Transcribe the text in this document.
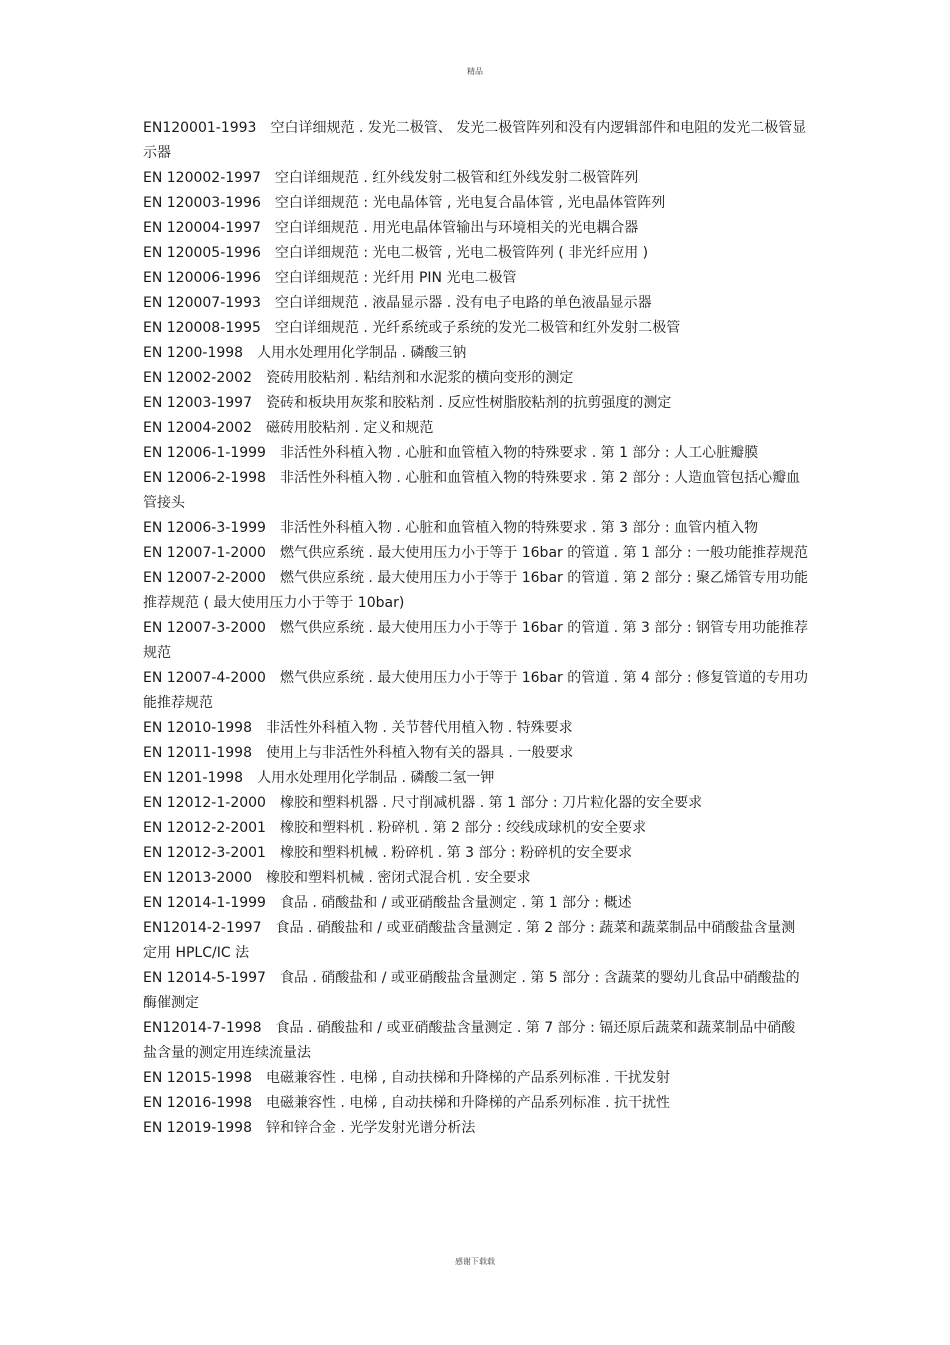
精品
EN120001-1993　空白详细规范 . 发光二极管、 发光二极管阵列和没有内逻辑部件和电阻的发光二极管显示器
EN 120002-1997　空白详细规范 . 红外线发射二极管和红外线发射二极管阵列
EN 120003-1996　空白详细规范 : 光电晶体管 , 光电复合晶体管 , 光电晶体管阵列
EN 120004-1997　空白详细规范 . 用光电晶体管输出与环境相关的光电耦合器
EN 120005-1996　空白详细规范 : 光电二极管 , 光电二极管阵列 ( 非光纤应用 )
EN 120006-1996　空白详细规范 : 光纤用 PIN 光电二极管
EN 120007-1993　空白详细规范 . 液晶显示器 . 没有电子电路的单色液晶显示器
EN 120008-1995　空白详细规范 . 光纤系统或子系统的发光二极管和红外发射二极管
EN 1200-1998　人用水处理用化学制品 . 磷酸三钠
EN 12002-2002　瓷砖用胶粘剂 . 粘结剂和水泥浆的横向变形的测定
EN 12003-1997　瓷砖和板块用灰浆和胶粘剂 . 反应性树脂胶粘剂的抗剪强度的测定
EN 12004-2002　磁砖用胶粘剂 . 定义和规范
EN 12006-1-1999　非活性外科植入物 . 心脏和血管植入物的特殊要求 . 第 1 部分 : 人工心脏瓣膜
EN 12006-2-1998　非活性外科植入物 . 心脏和血管植入物的特殊要求 . 第 2 部分 : 人造血管包括心瓣血管接头
EN 12006-3-1999　非活性外科植入物 . 心脏和血管植入物的特殊要求 . 第 3 部分 : 血管内植入物
EN 12007-1-2000　燃气供应系统 . 最大使用压力小于等于 16bar 的管道 . 第 1 部分 : 一般功能推荐规范
EN 12007-2-2000　燃气供应系统 . 最大使用压力小于等于 16bar 的管道 . 第 2 部分 : 聚乙烯管专用功能推荐规范 ( 最大使用压力小于等于 10bar)
EN 12007-3-2000　燃气供应系统 . 最大使用压力小于等于 16bar 的管道 . 第 3 部分 : 钢管专用功能推荐规范
EN 12007-4-2000　燃气供应系统 . 最大使用压力小于等于 16bar 的管道 . 第 4 部分 : 修复管道的专用功能推荐规范
EN 12010-1998　非活性外科植入物 . 关节替代用植入物 . 特殊要求
EN 12011-1998　使用上与非活性外科植入物有关的器具 . 一般要求
EN 1201-1998　人用水处理用化学制品 . 磷酸二氢一钾
EN 12012-1-2000　橡胶和塑料机器 . 尺寸削减机器 . 第 1 部分 : 刀片粒化器的安全要求
EN 12012-2-2001　橡胶和塑料机 . 粉碎机 . 第 2 部分 : 绞线成球机的安全要求
EN 12012-3-2001　橡胶和塑料机械 . 粉碎机 . 第 3 部分 : 粉碎机的安全要求
EN 12013-2000　橡胶和塑料机械 . 密闭式混合机 . 安全要求
EN 12014-1-1999　食品 . 硝酸盐和 / 或亚硝酸盐含量测定 . 第 1 部分 : 概述
EN12014-2-1997　食品 . 硝酸盐和 / 或亚硝酸盐含量测定 . 第 2 部分 : 蔬菜和蔬菜制品中硝酸盐含量测定用 HPLC/IC 法
EN 12014-5-1997　食品 . 硝酸盐和 / 或亚硝酸盐含量测定 . 第 5 部分 : 含蔬菜的婴幼儿食品中硝酸盐的酶催测定
EN12014-7-1998　食品 . 硝酸盐和 / 或亚硝酸盐含量测定 . 第 7 部分 : 镉还原后蔬菜和蔬菜制品中硝酸盐含量的测定用连续流量法
EN 12015-1998　电磁兼容性 . 电梯 , 自动扶梯和升降梯的产品系列标准 . 干扰发射
EN 12016-1998　电磁兼容性 . 电梯 , 自动扶梯和升降梯的产品系列标准 . 抗干扰性
EN 12019-1998　锌和锌合金 . 光学发射光谱分析法
感谢下载载
